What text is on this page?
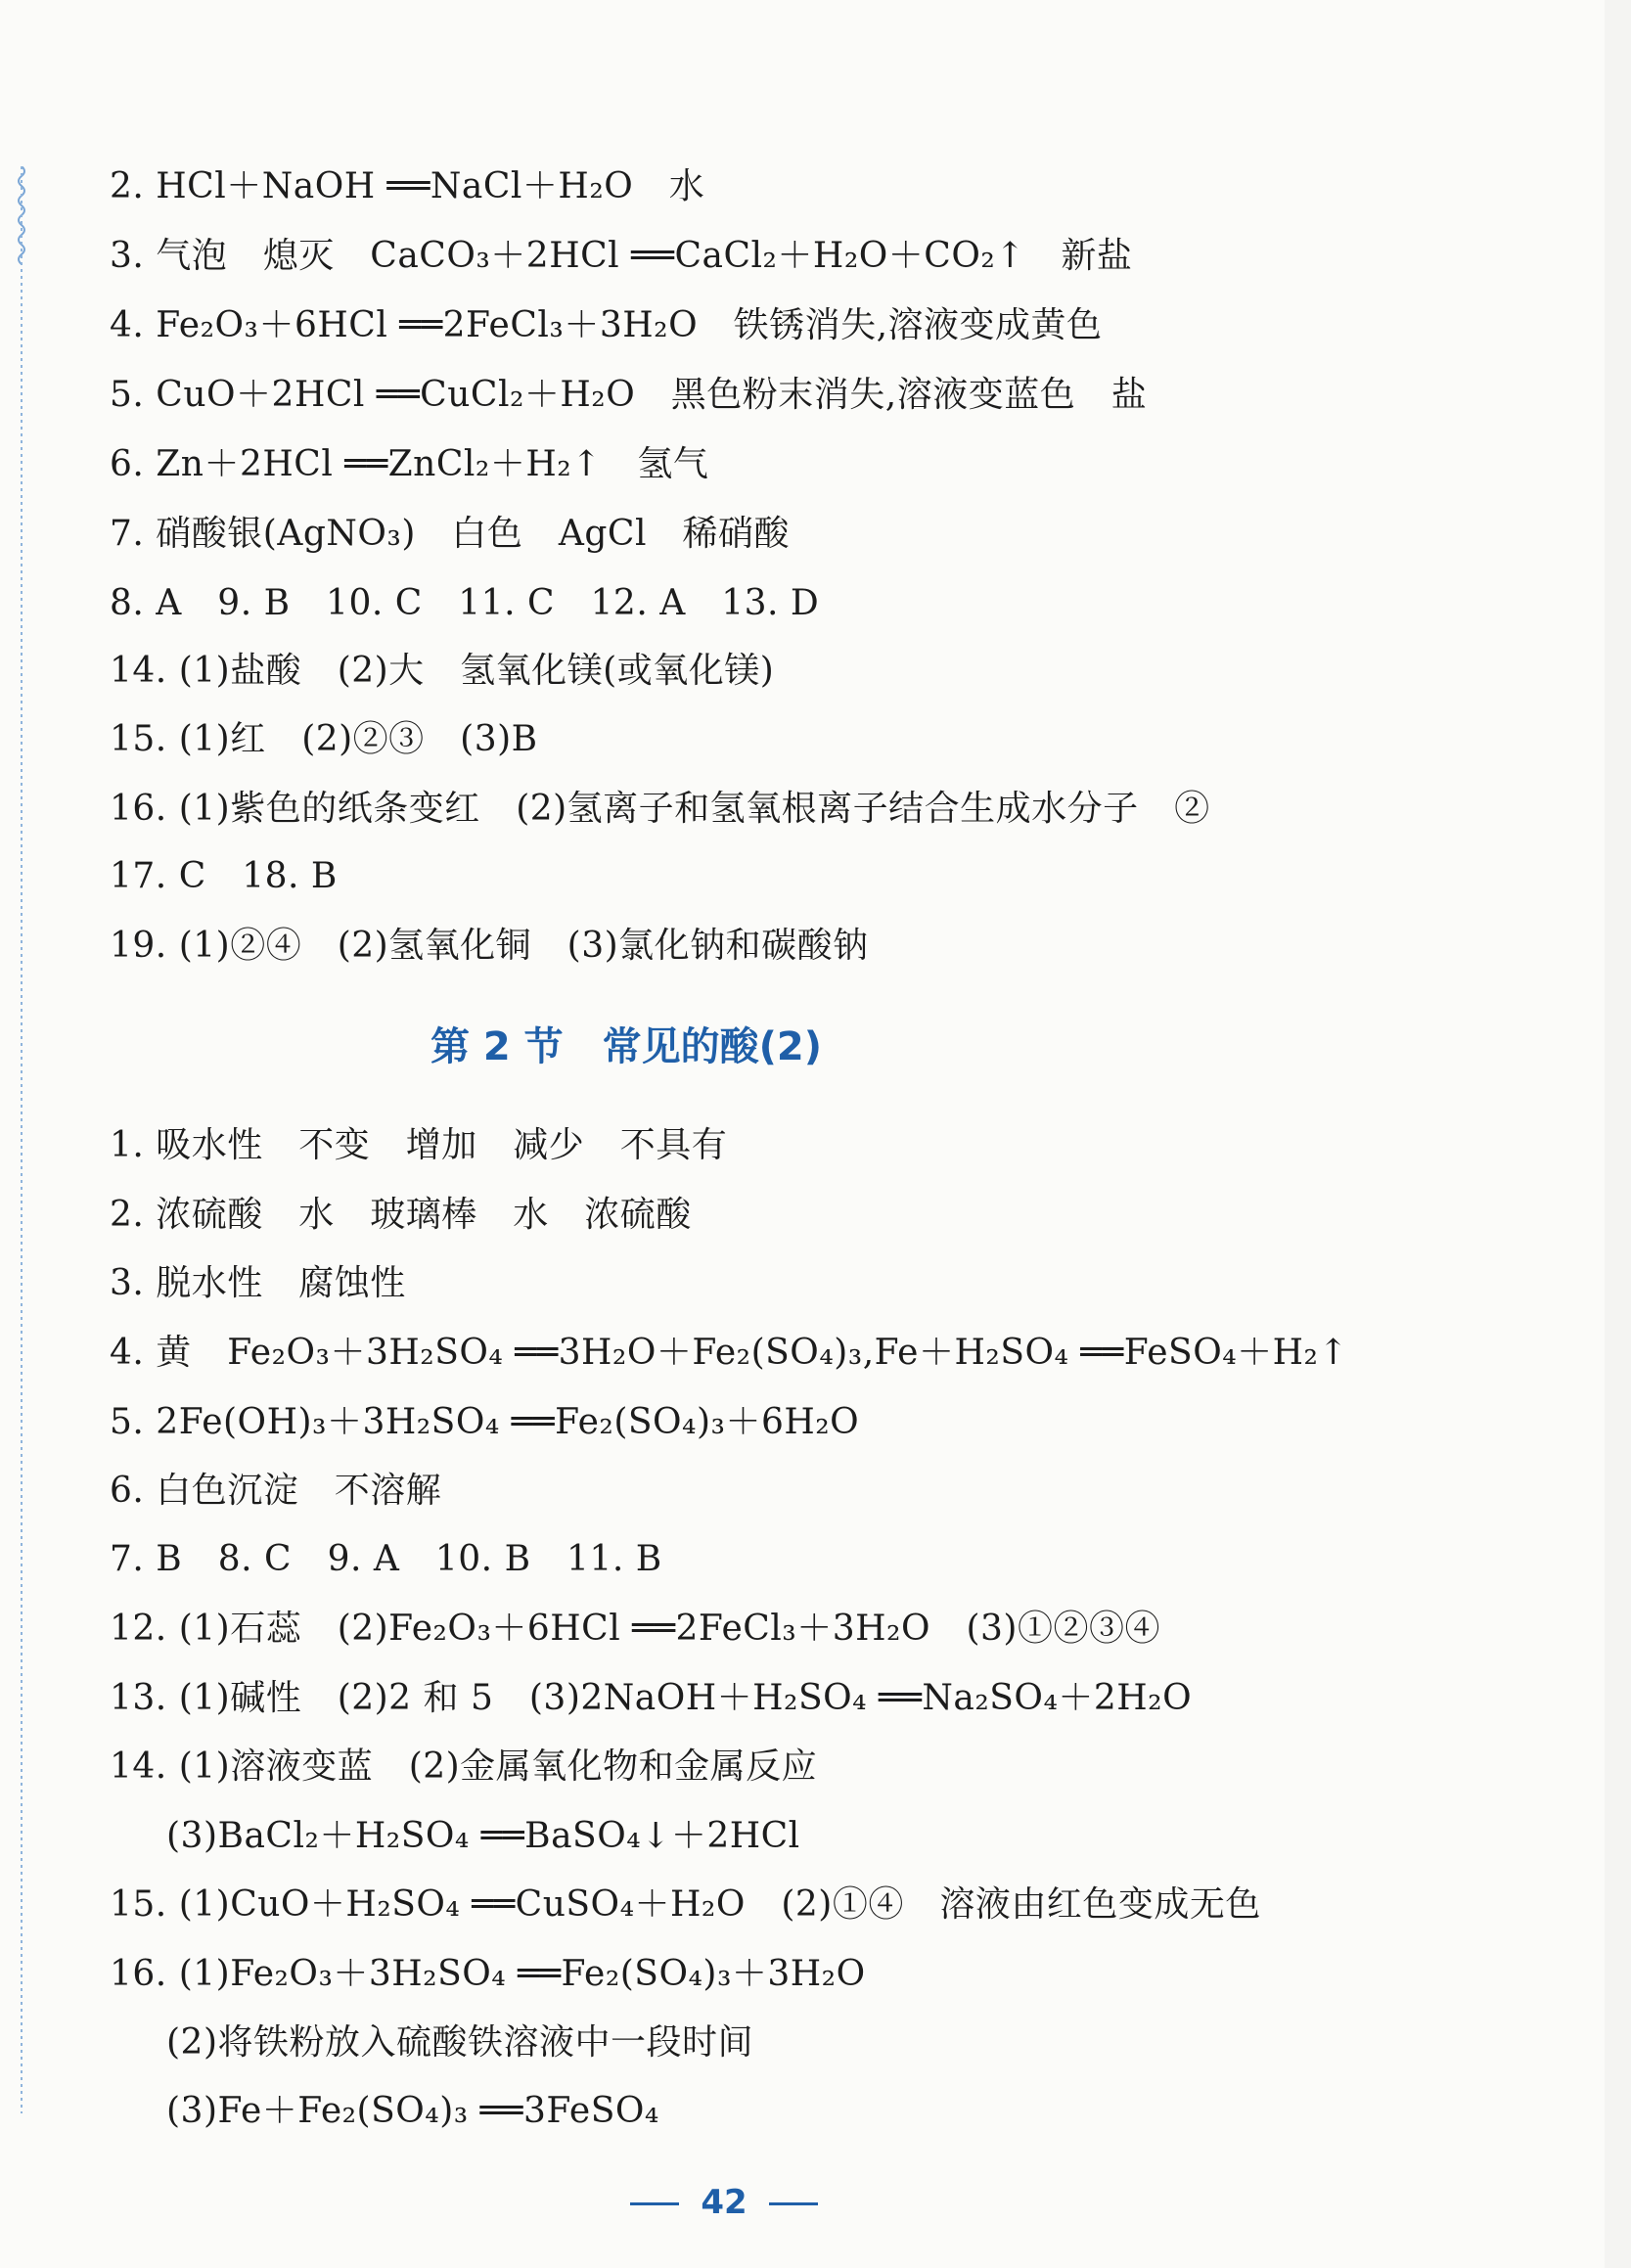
2. HCl＋NaOH ══NaCl＋H₂O　水
3. 气泡　熄灭　CaCO₃＋2HCl ══CaCl₂＋H₂O＋CO₂↑　新盐
4. Fe₂O₃＋6HCl ══2FeCl₃＋3H₂O　铁锈消失,溶液变成黄色
5. CuO＋2HCl ══CuCl₂＋H₂O　黑色粉末消失,溶液变蓝色　盐
6. Zn＋2HCl ══ZnCl₂＋H₂↑　氢气
7. 硝酸银(AgNO₃)　白色　AgCl　稀硝酸
8. A　9. B　10. C　11. C　12. A　13. D
14. (1)盐酸　(2)大　氢氧化镁(或氧化镁)
15. (1)红　(2)②③　(3)B
16. (1)紫色的纸条变红　(2)氢离子和氢氧根离子结合生成水分子　②
17. C　18. B
19. (1)②④　(2)氢氧化铜　(3)氯化钠和碳酸钠
第 2 节　常见的酸(2)
1. 吸水性　不变　增加　减少　不具有
2. 浓硫酸　水　玻璃棒　水　浓硫酸
3. 脱水性　腐蚀性
4. 黄　Fe₂O₃＋3H₂SO₄ ══3H₂O＋Fe₂(SO₄)₃,Fe＋H₂SO₄ ══FeSO₄＋H₂↑
5. 2Fe(OH)₃＋3H₂SO₄ ══Fe₂(SO₄)₃＋6H₂O
6. 白色沉淀　不溶解
7. B　8. C　9. A　10. B　11. B
12. (1)石蕊　(2)Fe₂O₃＋6HCl ══2FeCl₃＋3H₂O　(3)①②③④
13. (1)碱性　(2)2 和 5　(3)2NaOH＋H₂SO₄ ══Na₂SO₄＋2H₂O
14. (1)溶液变蓝　(2)金属氧化物和金属反应
(3)BaCl₂＋H₂SO₄ ══BaSO₄↓＋2HCl
15. (1)CuO＋H₂SO₄ ══CuSO₄＋H₂O　(2)①④　溶液由红色变成无色
16. (1)Fe₂O₃＋3H₂SO₄ ══Fe₂(SO₄)₃＋3H₂O
(2)将铁粉放入硫酸铁溶液中一段时间
(3)Fe＋Fe₂(SO₄)₃ ══3FeSO₄
42
